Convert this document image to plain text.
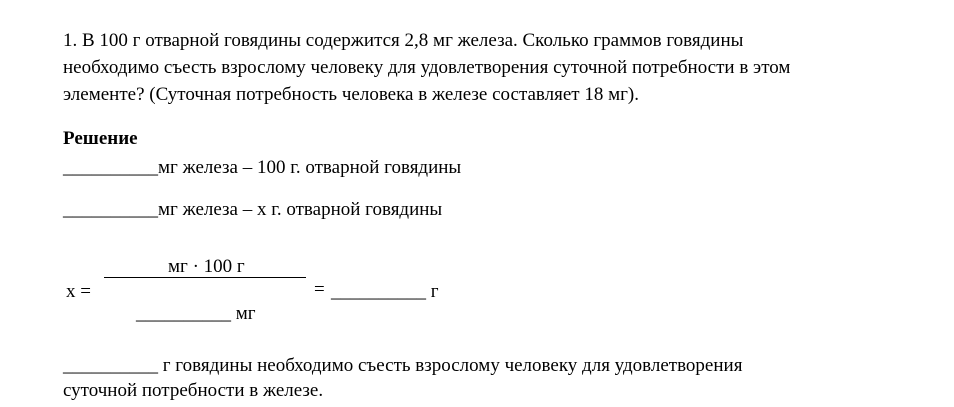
1. В 100 г отварной говядины содержится 2,8 мг железа. Сколько граммов говядины
необходимо съесть взрослому человеку для удовлетворения суточной потребности в этом
элементе? (Суточная потребность человека в железе составляет 18 мг).
Решение
__________мг железа – 100 г. отварной говядины
__________мг железа – х г. отварной говядины
х =
мг · 100 г
__________ мг
= __________ г
__________ г говядины необходимо съесть взрослому человеку для удовлетворения
суточной потребности в железе.
